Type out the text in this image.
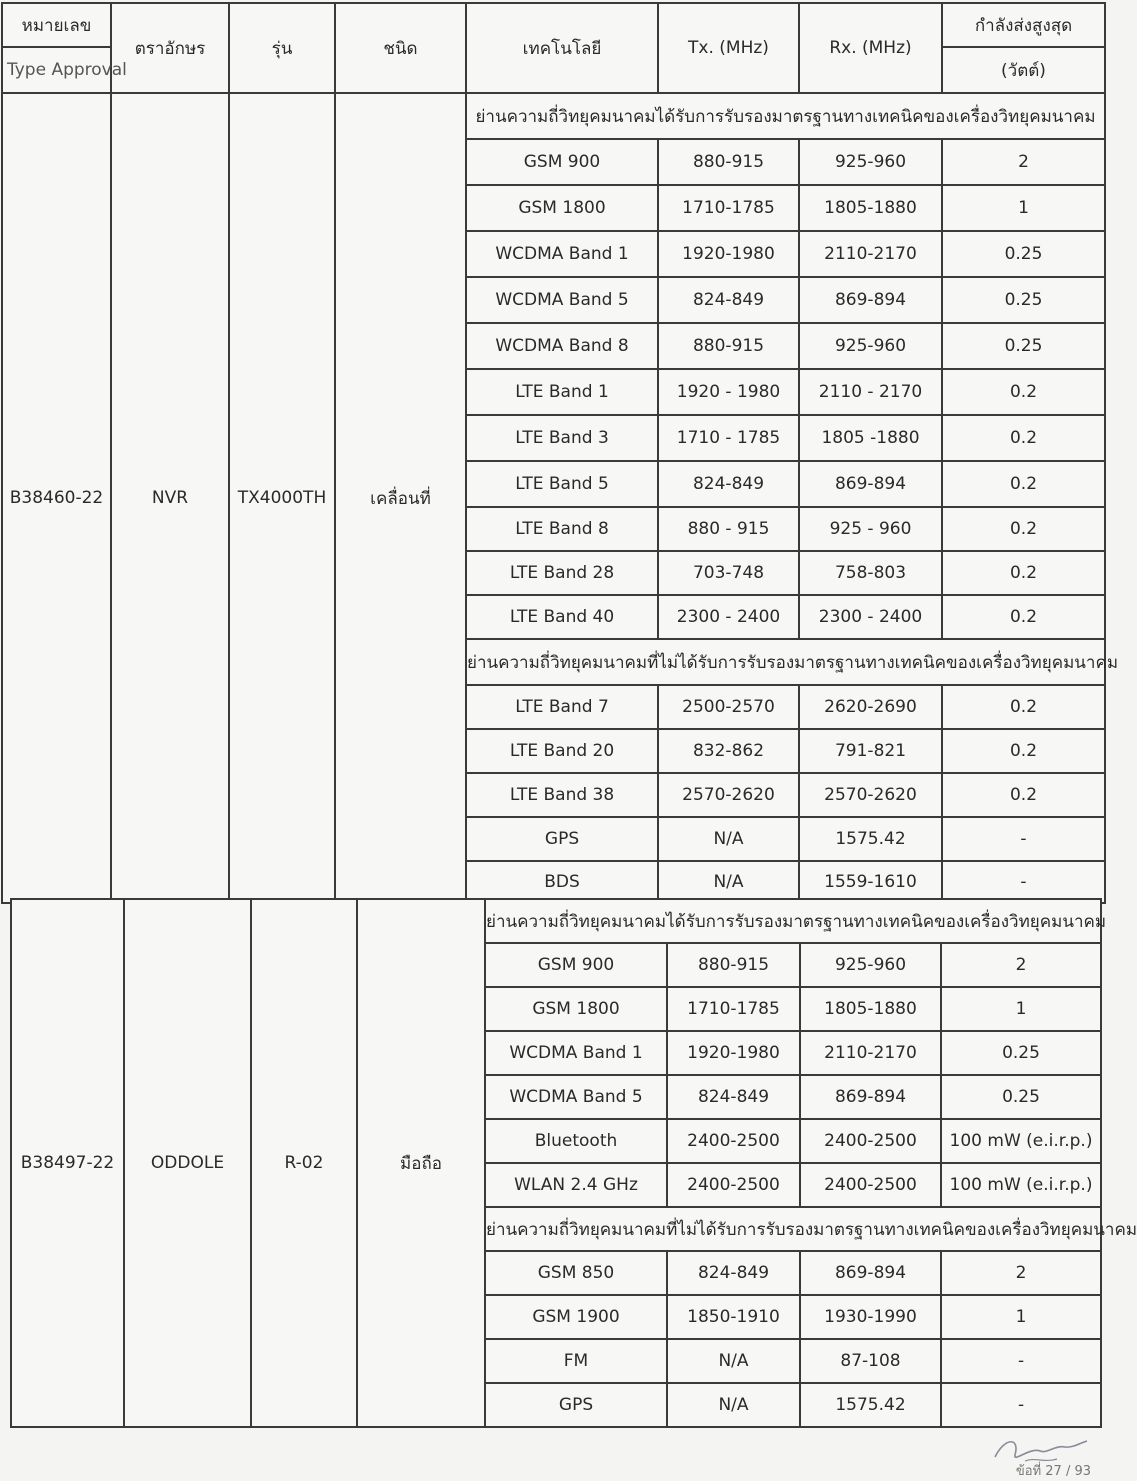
หมายเลข	ตราอักษร	รุ่น	ชนิด	เทคโนโลยี	Tx. (MHz)	Rx. (MHz)	กำลังส่งสูงสุด
Type Approval							(วัตต์)
B38460-22	NVR	TX4000TH	เคลื่อนที่	ย่านความถี่วิทยุคมนาคมได้รับการรับรองมาตรฐานทางเทคนิคของเครื่องวิทยุคมนาคม			
				GSM 900	880-915	925-960	2
				GSM 1800	1710-1785	1805-1880	1
				WCDMA Band 1	1920-1980	2110-2170	0.25
				WCDMA Band 5	824-849	869-894	0.25
				WCDMA Band 8	880-915	925-960	0.25
				LTE Band 1	1920 - 1980	2110 - 2170	0.2
				LTE Band 3	1710 - 1785	1805 -1880	0.2
				LTE Band 5	824-849	869-894	0.2
				LTE Band 8	880 - 915	925 - 960	0.2
				LTE Band 28	703-748	758-803	0.2
				LTE Band 40	2300 - 2400	2300 - 2400	0.2
				ย่านความถี่วิทยุคมนาคมที่ไม่ได้รับการรับรองมาตรฐานทางเทคนิคของเครื่องวิทยุคมนาคม			
				LTE Band 7	2500-2570	2620-2690	0.2
				LTE Band 20	832-862	791-821	0.2
				LTE Band 38	2570-2620	2570-2620	0.2
				GPS	N/A	1575.42	-
				BDS	N/A	1559-1610	-
B38497-22	ODDOLE	R-02	มือถือ	ย่านความถี่วิทยุคมนาคมได้รับการรับรองมาตรฐานทางเทคนิคของเครื่องวิทยุคมนาคม			
				GSM 900	880-915	925-960	2
				GSM 1800	1710-1785	1805-1880	1
				WCDMA Band 1	1920-1980	2110-2170	0.25
				WCDMA Band 5	824-849	869-894	0.25
				Bluetooth	2400-2500	2400-2500	100 mW (e.i.r.p.)
				WLAN 2.4 GHz	2400-2500	2400-2500	100 mW (e.i.r.p.)
				ย่านความถี่วิทยุคมนาคมที่ไม่ได้รับการรับรองมาตรฐานทางเทคนิคของเครื่องวิทยุคมนาคม			
				GSM 850	824-849	869-894	2
				GSM 1900	1850-1910	1930-1990	1
				FM	N/A	87-108	-
				GPS	N/A	1575.42	-
ข้อที่ 27 / 93
